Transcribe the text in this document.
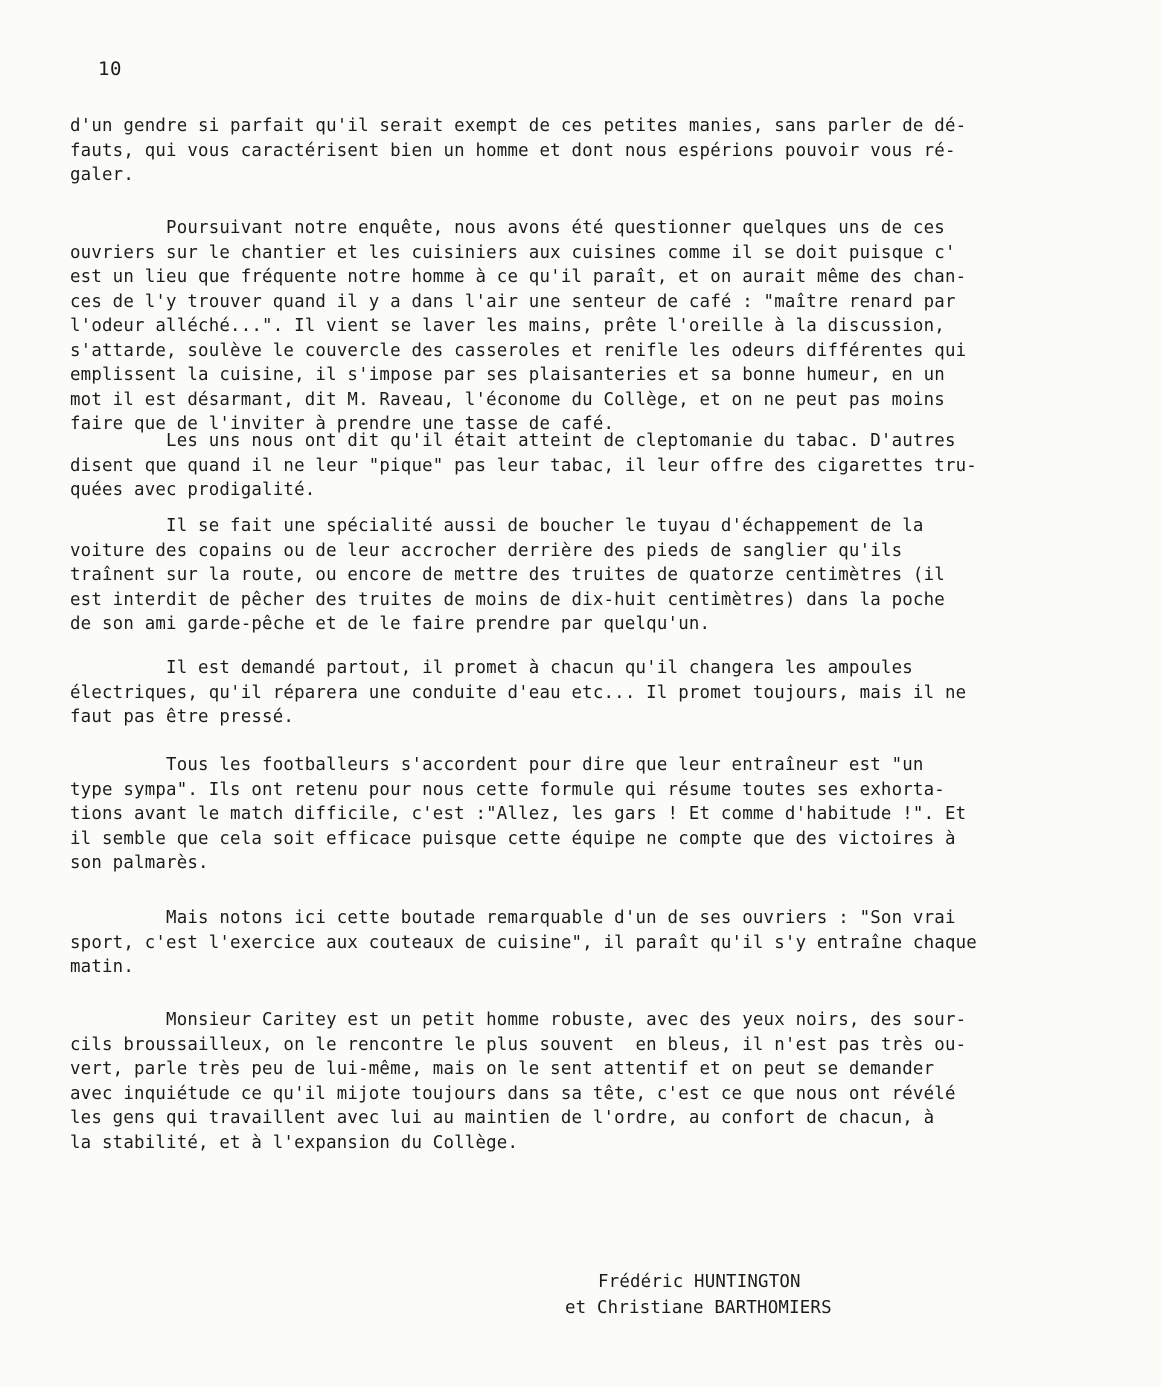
10

d'un gendre si parfait qu'il serait exempt de ces petites manies, sans parler de dé-
fauts, qui vous caractérisent bien un homme et dont nous espérions pouvoir vous ré-
galer.

Poursuivant notre enquête, nous avons été questionner quelques uns de ces
ouvriers sur le chantier et les cuisiniers aux cuisines comme il se doit puisque c'
est un lieu que fréquente notre homme à ce qu'il paraît, et on aurait même des chan-
ces de l'y trouver quand il y a dans l'air une senteur de café : "maître renard par
l'odeur alléché...". Il vient se laver les mains, prête l'oreille à la discussion,
s'attarde, soulève le couvercle des casseroles et renifle les odeurs différentes qui
emplissent la cuisine, il s'impose par ses plaisanteries et sa bonne humeur, en un
mot il est désarmant, dit M. Raveau, l'économe du Collège, et on ne peut pas moins
faire que de l'inviter à prendre une tasse de café.

Les uns nous ont dit qu'il était atteint de cleptomanie du tabac. D'autres
disent que quand il ne leur "pique" pas leur tabac, il leur offre des cigarettes tru-
quées avec prodigalité.

Il se fait une spécialité aussi de boucher le tuyau d'échappement de la
voiture des copains ou de leur accrocher derrière des pieds de sanglier qu'ils
traînent sur la route, ou encore de mettre des truites de quatorze centimètres (il
est interdit de pêcher des truites de moins de dix-huit centimètres) dans la poche
de son ami garde-pêche et de le faire prendre par quelqu'un.

Il est demandé partout, il promet à chacun qu'il changera les ampoules
électriques, qu'il réparera une conduite d'eau etc... Il promet toujours, mais il ne
faut pas être pressé.

Tous les footballeurs s'accordent pour dire que leur entraîneur est "un
type sympa". Ils ont retenu pour nous cette formule qui résume toutes ses exhorta-
tions avant le match difficile, c'est :"Allez, les gars ! Et comme d'habitude !". Et
il semble que cela soit efficace puisque cette équipe ne compte que des victoires à
son palmarès.

Mais notons ici cette boutade remarquable d'un de ses ouvriers : "Son vrai
sport, c'est l'exercice aux couteaux de cuisine", il paraît qu'il s'y entraîne chaque
matin.

Monsieur Caritey est un petit homme robuste, avec des yeux noirs, des sour-
cils broussailleux, on le rencontre le plus souvent  en bleus, il n'est pas très ou-
vert, parle très peu de lui-même, mais on le sent attentif et on peut se demander
avec inquiétude ce qu'il mijote toujours dans sa tête, c'est ce que nous ont révélé
les gens qui travaillent avec lui au maintien de l'ordre, au confort de chacun, à
la stabilité, et à l'expansion du Collège.

Frédéric HUNTINGTON
et Christiane BARTHOMIERS
